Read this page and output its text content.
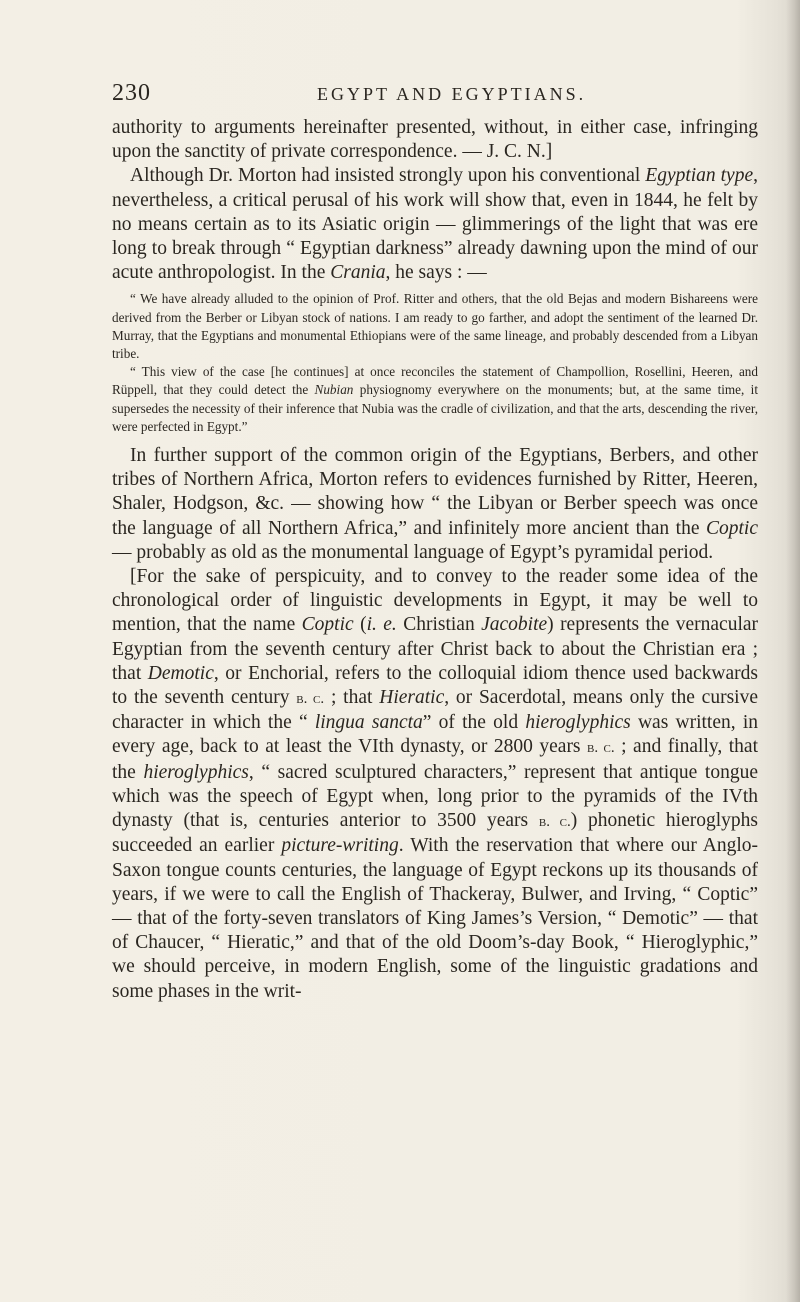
230	EGYPT AND EGYPTIANS.

authority to arguments hereinafter presented, without, in either case, infringing upon the sanctity of private correspondence. — J. C. N.]

Although Dr. Morton had insisted strongly upon his conventional Egyptian type, nevertheless, a critical perusal of his work will show that, even in 1844, he felt by no means certain as to its Asiatic origin — glimmerings of the light that was ere long to break through “ Egyptian darkness” already dawning upon the mind of our acute anthropologist. In the Crania, he says : —

“ We have already alluded to the opinion of Prof. Ritter and others, that the old Bejas and modern Bishareens were derived from the Berber or Libyan stock of nations. I am ready to go farther, and adopt the sentiment of the learned Dr. Murray, that the Egyptians and monumental Ethiopians were of the same lineage, and probably descended from a Libyan tribe.

“ This view of the case [he continues] at once reconciles the statement of Champollion, Rosellini, Heeren, and Rüppell, that they could detect the Nubian physiognomy everywhere on the monuments; but, at the same time, it supersedes the necessity of their inference that Nubia was the cradle of civilization, and that the arts, descending the river, were perfected in Egypt.”

In further support of the common origin of the Egyptians, Berbers, and other tribes of Northern Africa, Morton refers to evidences furnished by Ritter, Heeren, Shaler, Hodgson, &c. — showing how “ the Libyan or Berber speech was once the language of all Northern Africa,” and infinitely more ancient than the Coptic — probably as old as the monumental language of Egypt’s pyramidal period.

[For the sake of perspicuity, and to convey to the reader some idea of the chronological order of linguistic developments in Egypt, it may be well to mention, that the name Coptic (i. e. Christian Jacobite) represents the vernacular Egyptian from the seventh century after Christ back to about the Christian era ; that Demotic, or Enchorial, refers to the colloquial idiom thence used backwards to the seventh century b. c. ; that Hieratic, or Sacerdotal, means only the cursive character in which the “ lingua sancta” of the old hieroglyphics was written, in every age, back to at least the VIth dynasty, or 2800 years b. c. ; and finally, that the hieroglyphics, “ sacred sculptured characters,” represent that antique tongue which was the speech of Egypt when, long prior to the pyramids of the IVth dynasty (that is, centuries anterior to 3500 years b. c.) phonetic hieroglyphs succeeded an earlier picture-writing. With the reservation that where our Anglo-Saxon tongue counts centuries, the language of Egypt reckons up its thousands of years, if we were to call the English of Thackeray, Bulwer, and Irving, “ Coptic” — that of the forty-seven translators of King James’s Version, “ Demotic” — that of Chaucer, “ Hieratic,” and that of the old Doom’s-day Book, “ Hieroglyphic,” we should perceive, in modern English, some of the linguistic gradations and some phases in the writ-
